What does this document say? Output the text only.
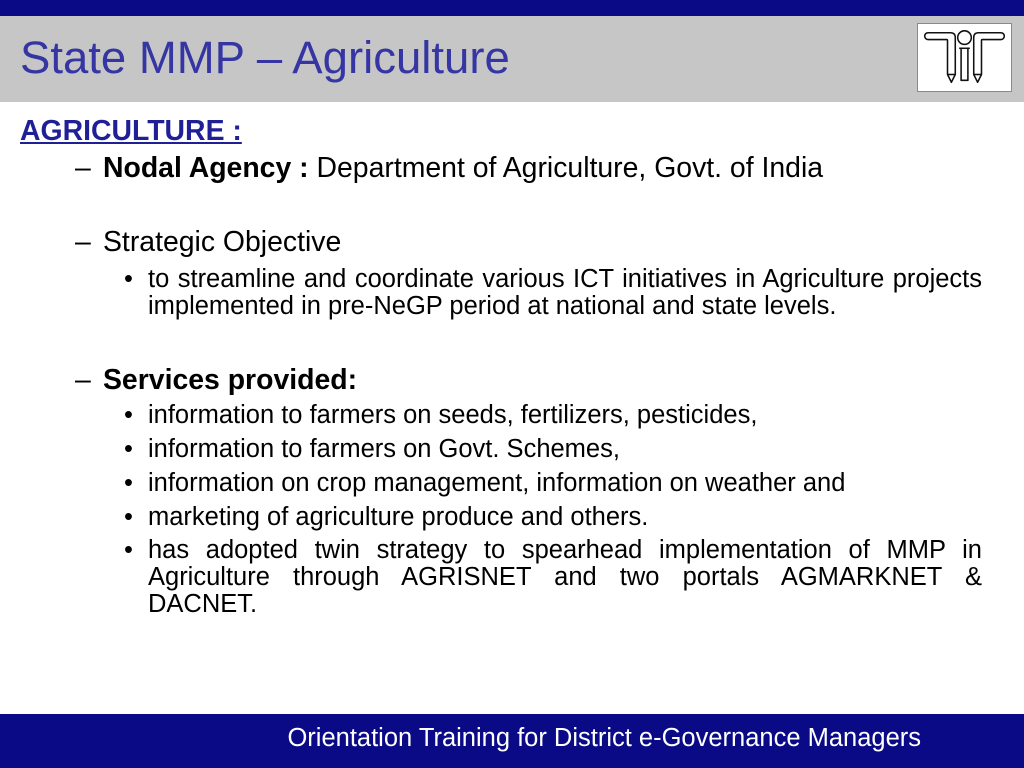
State MMP – Agriculture
AGRICULTURE :
– Nodal Agency : Department of Agriculture, Govt. of India
– Strategic Objective
• to streamline and coordinate various ICT initiatives in Agriculture projects implemented in pre-NeGP period at national and state levels.
– Services provided:
• information to farmers on seeds, fertilizers, pesticides,
• information to farmers on Govt. Schemes,
• information on crop management, information on weather and
• marketing of agriculture produce and others.
• has adopted twin strategy to spearhead implementation of MMP in Agriculture through AGRISNET and two portals AGMARKNET & DACNET.
Orientation Training for District e-Governance Managers
